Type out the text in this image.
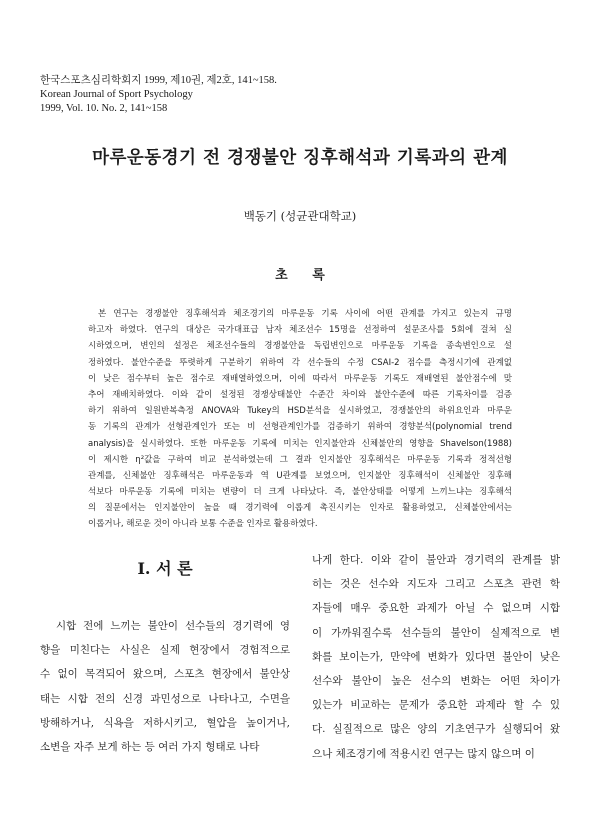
한국스포츠심리학회지 1999, 제10권, 제2호, 141~158.
Korean Journal of Sport Psychology
1999, Vol. 10. No. 2, 141~158
마루운동경기 전 경쟁불안 징후해석과 기록과의 관계
백동기 (성균관대학교)
초 록
본 연구는 경쟁불안 징후해석과 체조경기의 마루운동 기록 사이에 어떤 관계를 가지고 있는지 규명
하고자 하였다. 연구의 대상은 국가대표급 남자 체조선수 15명을 선정하여 설문조사를 5회에 걸쳐 실
시하였으며, 변인의 설정은 체조선수들의 경쟁불안을 독립변인으로 마루운동 기록을 종속변인으로 설
정하였다. 불안수준을 뚜렷하게 구분하기 위하여 각 선수들의 수정 CSAI-2 점수를 측정시기에 관계없
이 낮은 점수부터 높은 점수로 재배열하였으며, 이에 따라서 마루운동 기록도 재배열된 불안점수에 맞
추어 재배치하였다. 이와 같이 설정된 경쟁상태불안 수준간 차이와 불안수준에 따른 기록차이를 검증
하기 위하여 일원반복측정 ANOVA와 Tukey의 HSD분석을 실시하였고, 경쟁불안의 하위요인과 마루운
동 기록의 관계가 선형관계인가 또는 비 선형관계인가를 검증하기 위하여 경향분석(polynomial trend
analysis)을 실시하였다. 또한 마루운동 기록에 미치는 인지불안과 신체불안의 영향을 Shavelson(1988)
이 제시한 η²값을 구하여 비교 분석하였는데 그 결과 인지불안 징후해석은 마루운동 기록과 정적선형
관계를, 신체불안 징후해석은 마루운동과 역 U관계를 보였으며, 인지불안 징후해석이 신체불안 징후해
석보다 마루운동 기록에 미치는 변량이 더 크게 나타났다. 즉, 불안상태를 어떻게 느끼느냐는 징후해석
의 질문에서는 인지불안이 높을 때 경기력에 이롭게 촉진시키는 인자로 활용하였고, 신체불안에서는
이롭거나, 해로운 것이 아니라 보통 수준을 인자로 활용하였다.
Ⅰ. 서 론
시합 전에 느끼는 불안이 선수들의 경기력에 영
향을 미친다는 사실은 실제 현장에서 경험적으로
수 없이 목격되어 왔으며, 스포츠 현장에서 불안상
태는 시합 전의 신경 과민성으로 나타나고, 수면을
방해하거나, 식욕을 저하시키고, 혈압을 높이거나,
소변을 자주 보게 하는 등 여러 가지 형태로 나타
나게 한다. 이와 같이 불안과 경기력의 관계를 밝
히는 것은 선수와 지도자 그리고 스포츠 관련 학
자들에 매우 중요한 과제가 아닐 수 없으며 시합
이 가까워질수록 선수들의 불안이 실제적으로 변
화를 보이는가, 만약에 변화가 있다면 불안이 낮은
선수와 불안이 높은 선수의 변화는 어떤 차이가
있는가 비교하는 문제가 중요한 과제라 할 수 있
다. 실질적으로 많은 양의 기초연구가 실행되어 왔
으나 체조경기에 적용시킨 연구는 많지 않으며 이
